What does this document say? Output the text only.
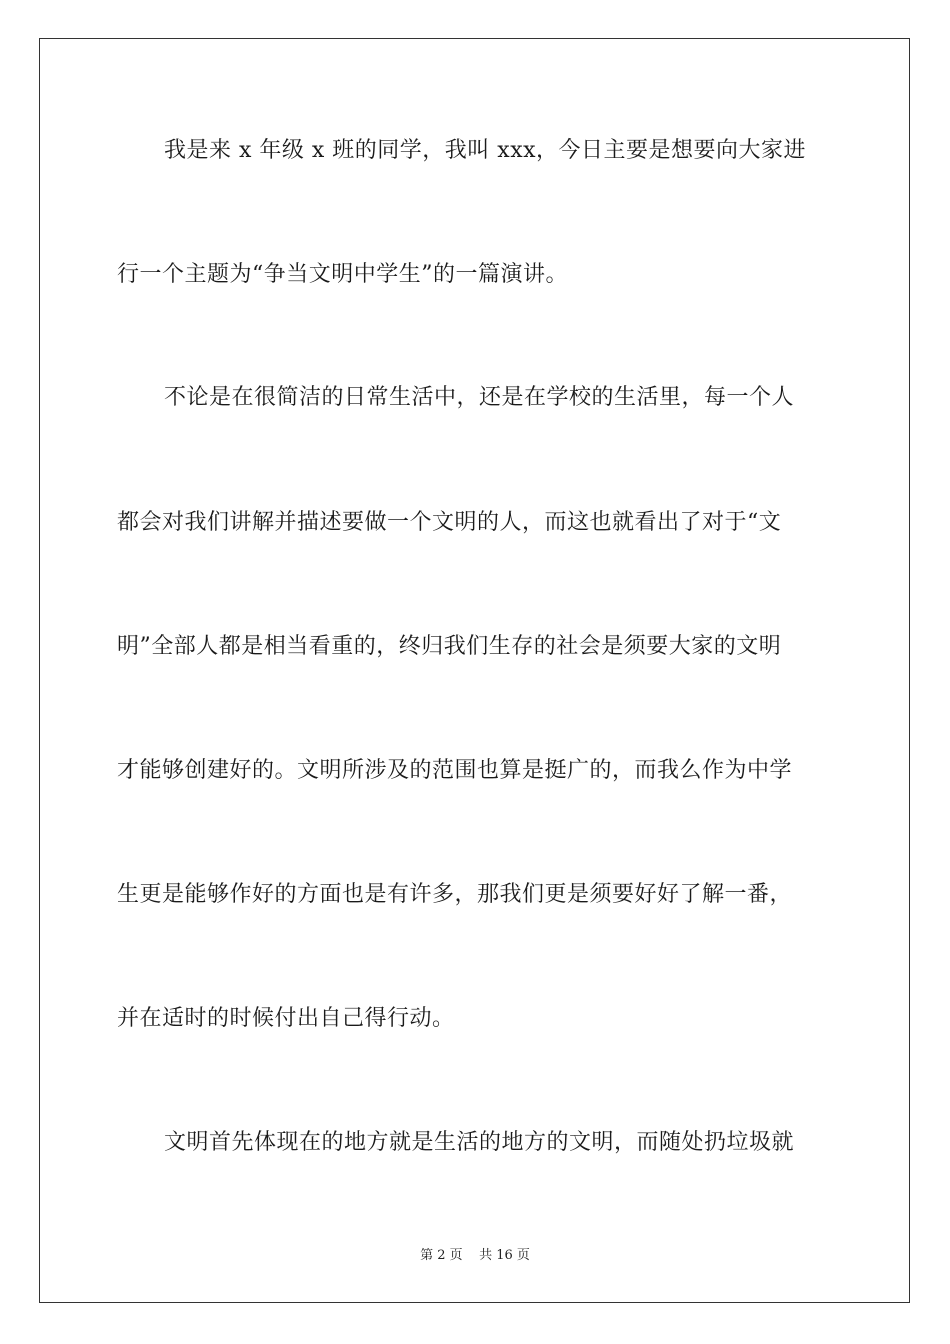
我是来 x 年级 x 班的同学，我叫 xxx，今日主要是想要向大家进
行一个主题为“争当文明中学生”的一篇演讲。
不论是在很简洁的日常生活中，还是在学校的生活里，每一个人
都会对我们讲解并描述要做一个文明的人，而这也就看出了对于“文
明”全部人都是相当看重的，终归我们生存的社会是须要大家的文明
才能够创建好的。文明所涉及的范围也算是挺广的，而我么作为中学
生更是能够作好的方面也是有许多，那我们更是须要好好了解一番，
并在适时的时候付出自己得行动。
文明首先体现在的地方就是生活的地方的文明，而随处扔垃圾就
第 2 页    共 16 页
